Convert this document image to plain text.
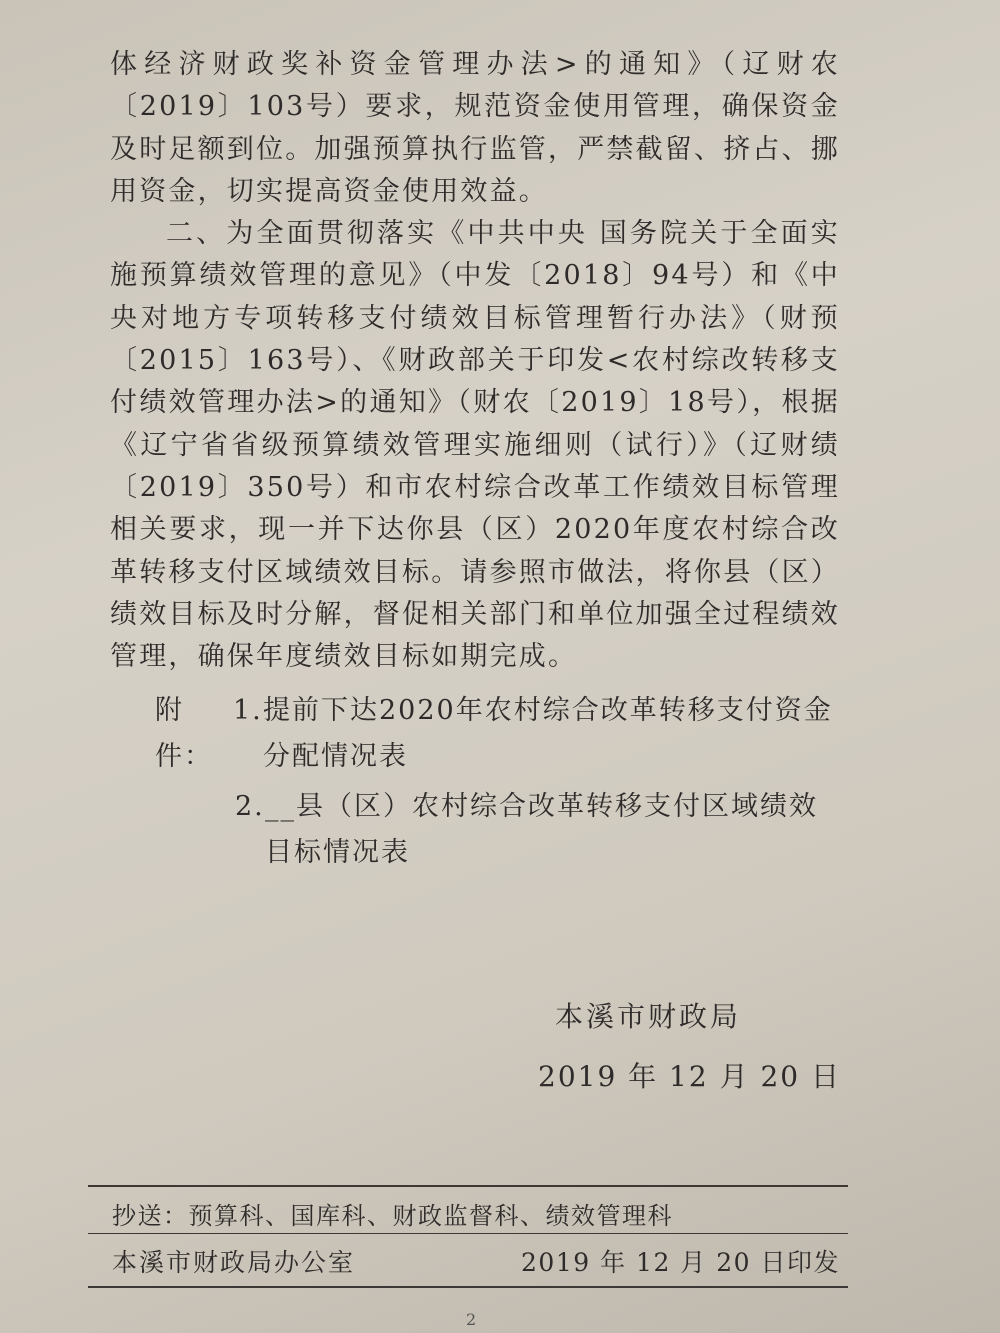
体经济财政奖补资金管理办法>的通知》（辽财农〔2019〕103号）要求，规范资金使用管理，确保资金及时足额到位。加强预算执行监管，严禁截留、挤占、挪用资金，切实提高资金使用效益。

二、为全面贯彻落实《中共中央 国务院关于全面实施预算绩效管理的意见》（中发〔2018〕94号）和《中央对地方专项转移支付绩效目标管理暂行办法》（财预〔2015〕163号）、《财政部关于印发<农村综改转移支付绩效管理办法>的通知》（财农〔2019〕18号），根据《辽宁省省级预算绩效管理实施细则（试行）》（辽财绩〔2019〕350号）和市农村综合改革工作绩效目标管理相关要求，现一并下达你县（区）2020年度农村综合改革转移支付区域绩效目标。请参照市做法，将你县（区）绩效目标及时分解，督促相关部门和单位加强全过程绩效管理，确保年度绩效目标如期完成。

附件：
1. 提前下达2020年农村综合改革转移支付资金分配情况表
2. __县（区）农村综合改革转移支付区域绩效目标情况表
本溪市财政局
2019 年 12 月 20 日
抄送：预算科、国库科、财政监督科、绩效管理科
本溪市财政局办公室	2019 年 12 月 20 日印发
2
